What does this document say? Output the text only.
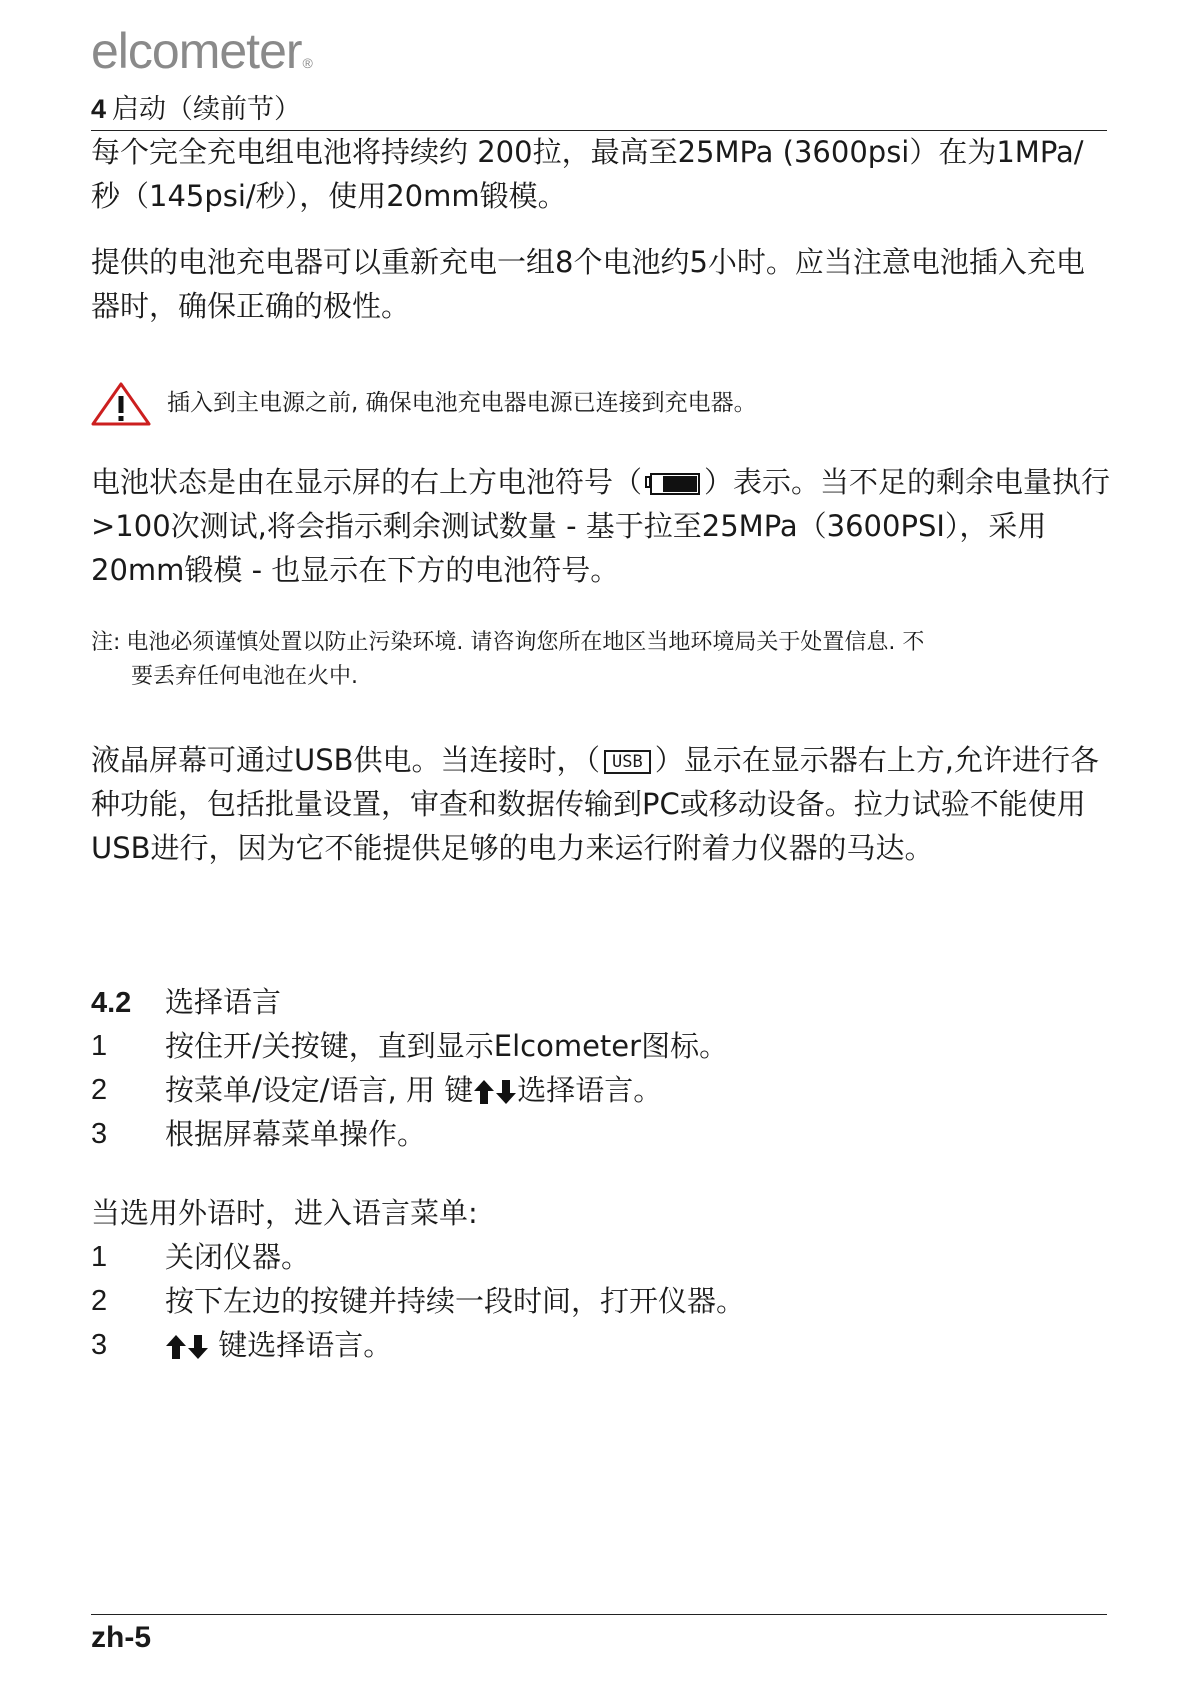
elcometer®
4 启动（续前节）
每个完全充电组电池将持续约 200拉，最高至25MPa (3600psi）在为1MPa/秒（145psi/秒），使用20mm锻模。
提供的电池充电器可以重新充电一组8个电池约5小时。应当注意电池插入充电器时，确保正确的极性。
插入到主电源之前, 确保电池充电器电源已连接到充电器。
电池状态是由在显示屏的右上方电池符号（ ）表示。当不足的剩余电量执行>100次测试,将会指示剩余测试数量 - 基于拉至25MPa（3600PSI），采用20mm锻模 - 也显示在下方的电池符号。
注: 电池必须谨慎处置以防止污染环境. 请咨询您所在地区当地环境局关于处置信息. 不
要丢弃任何电池在火中.
液晶屏幕可通过USB供电。当连接时，（ USB ）显示在显示器右上方,允许进行各种功能，包括批量设置，审查和数据传输到PC或移动设备。拉力试验不能使用USB进行，因为它不能提供足够的电力来运行附着力仪器的马达。
4.2 选择语言
1 按住开/关按键，直到显示Elcometer图标。
2 按菜单/设定/语言, 用 键 选择语言。
3 根据屏幕菜单操作。
当选用外语时，进入语言菜单:
1 关闭仪器。
2 按下左边的按键并持续一段时间，打开仪器。
3	键选择语言。
zh-5
